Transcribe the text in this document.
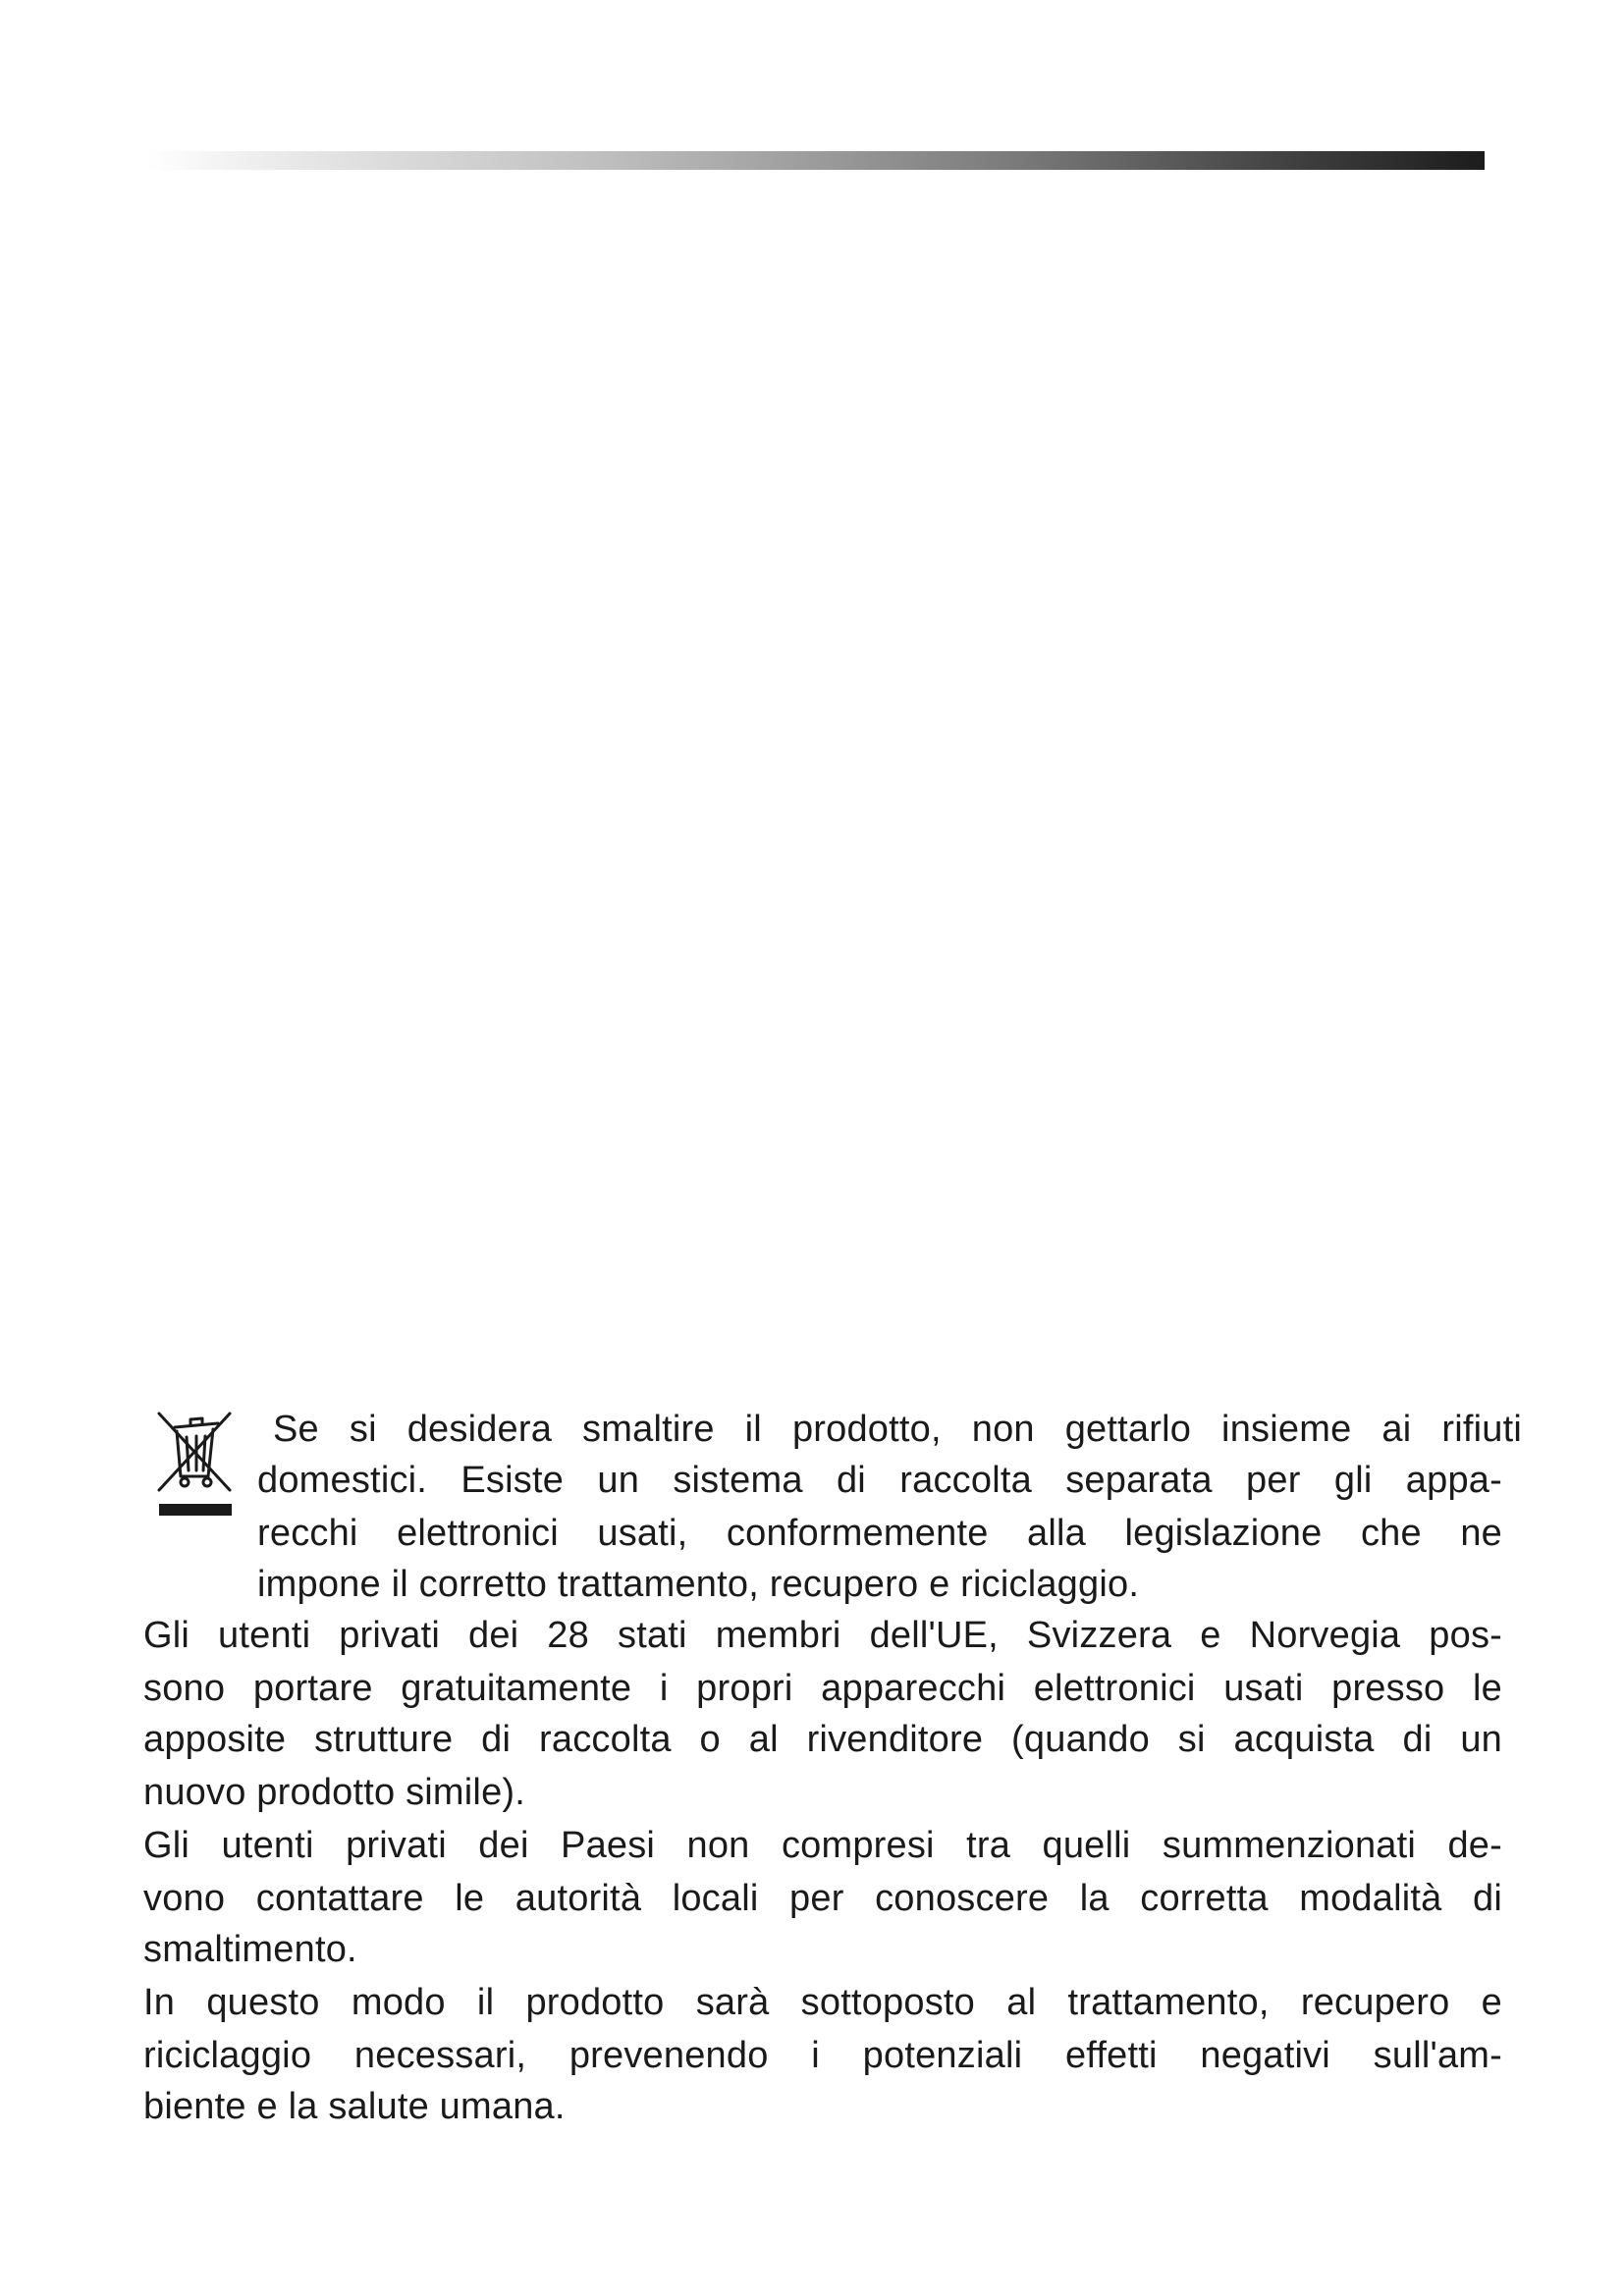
Se si desidera smaltire il prodotto, non gettarlo insieme ai rifiuti
domestici. Esiste un sistema di raccolta separata per gli appa-
recchi elettronici usati, conformemente alla legislazione che ne
impone il corretto trattamento, recupero e riciclaggio.
Gli utenti privati dei 28 stati membri dell'UE, Svizzera e Norvegia pos-
sono portare gratuitamente i propri apparecchi elettronici usati presso le
apposite strutture di raccolta o al rivenditore (quando si acquista di un
nuovo prodotto simile).
Gli utenti privati dei Paesi non compresi tra quelli summenzionati de-
vono contattare le autorità locali per conoscere la corretta modalità di
smaltimento.
In questo modo il prodotto sarà sottoposto al trattamento, recupero e
riciclaggio necessari, prevenendo i potenziali effetti negativi sull'am-
biente e la salute umana.
